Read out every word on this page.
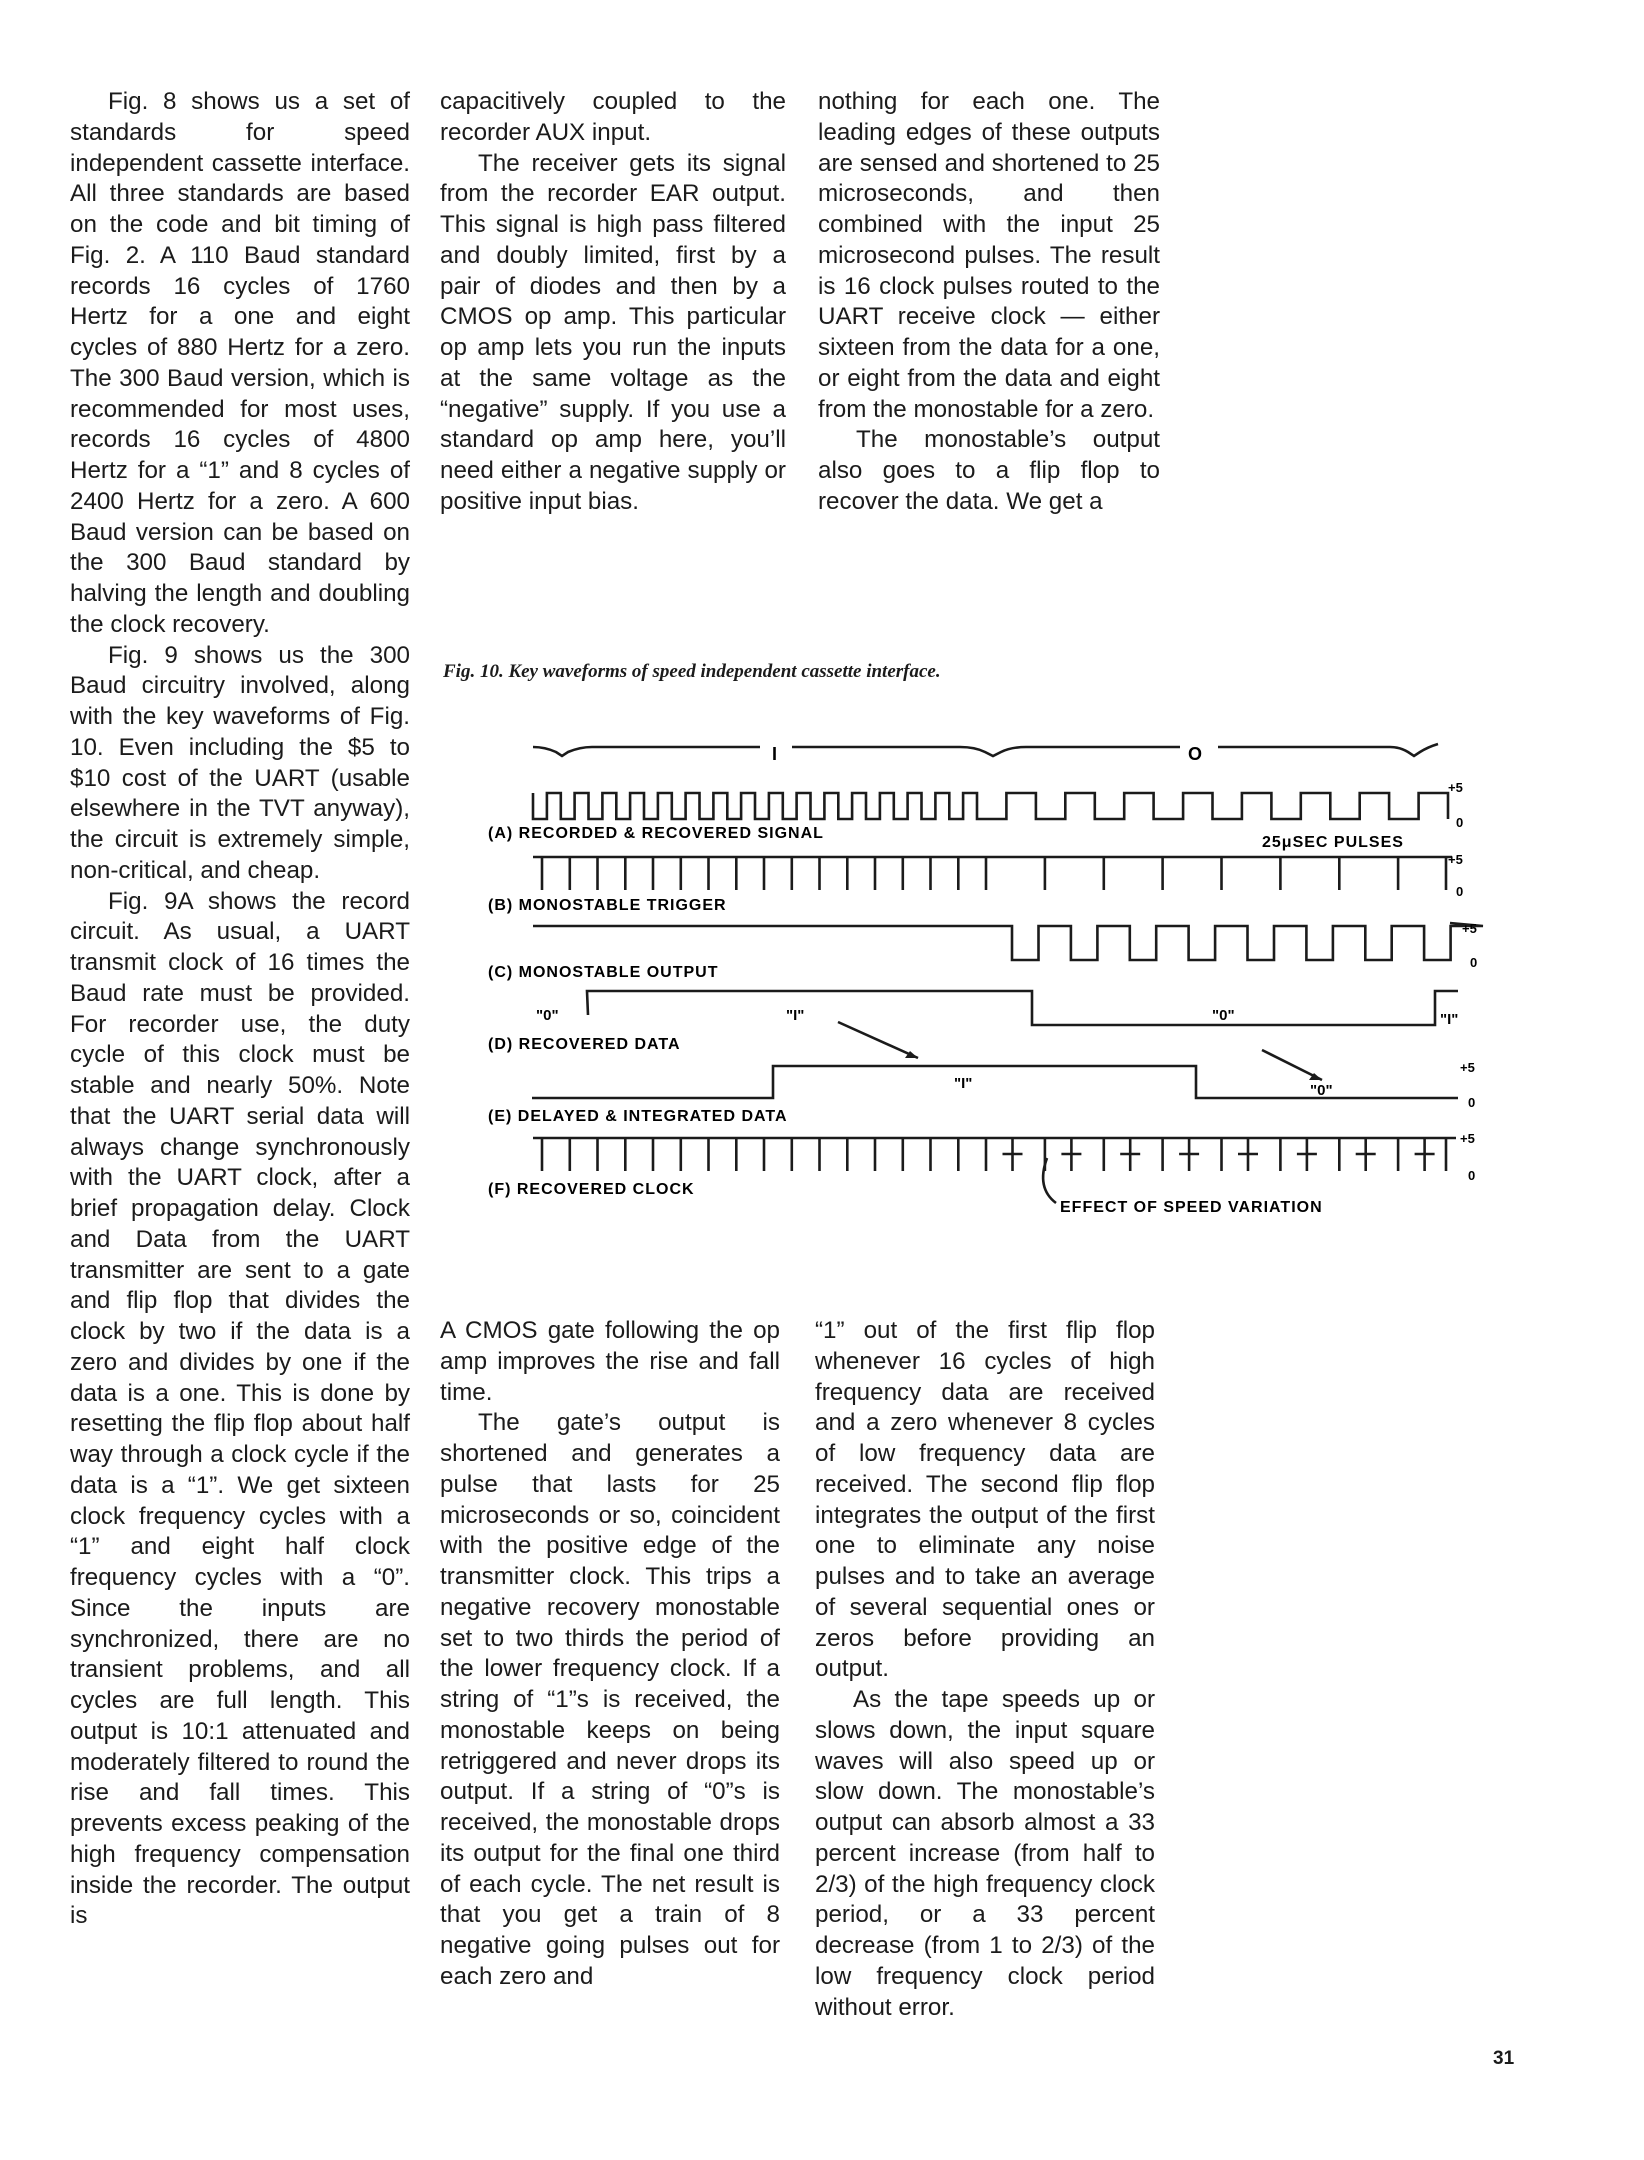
Fig. 8 shows us a set of standards for speed independent cassette interface. All three standards are based on the code and bit timing of Fig. 2. A 110 Baud standard records 16 cycles of 1760 Hertz for a one and eight cycles of 880 Hertz for a zero. The 300 Baud version, which is recommended for most uses, records 16 cycles of 4800 Hertz for a “1” and 8 cycles of 2400 Hertz for a zero. A 600 Baud version can be based on the 300 Baud standard by halving the length and doubling the clock recovery.

Fig. 9 shows us the 300 Baud circuitry involved, along with the key waveforms of Fig. 10. Even including the $5 to $10 cost of the UART (usable elsewhere in the TVT anyway), the circuit is extremely simple, non-critical, and cheap.

Fig. 9A shows the record circuit. As usual, a UART transmit clock of 16 times the Baud rate must be provided. For recorder use, the duty cycle of this clock must be stable and nearly 50%. Note that the UART serial data will always change synchronously with the UART clock, after a brief propagation delay. Clock and Data from the UART transmitter are sent to a gate and flip flop that divides the clock by two if the data is a zero and divides by one if the data is a one. This is done by resetting the flip flop about half way through a clock cycle if the data is a “1”. We get sixteen clock frequency cycles with a “1” and eight half clock frequency cycles with a “0”. Since the inputs are synchronized, there are no transient problems, and all cycles are full length. This output is 10:1 attenuated and moderately filtered to round the rise and fall times. This prevents excess peaking of the high frequency compensation inside the recorder. The output is

capacitively coupled to the recorder AUX input.

The receiver gets its signal from the recorder EAR output. This signal is high pass filtered and doubly limited, first by a pair of diodes and then by a CMOS op amp. This particular op amp lets you run the inputs at the same voltage as the “negative” supply. If you use a standard op amp here, you’ll need either a negative supply or positive input bias.

nothing for each one. The leading edges of these outputs are sensed and shortened to 25 microseconds, and then combined with the input 25 microsecond pulses. The result is 16 clock pulses routed to the UART receive clock — either sixteen from the data for a one, or eight from the data and eight from the monostable for a zero.

The monostable’s output also goes to a flip flop to recover the data. We get a

Fig. 10. Key waveforms of speed independent cassette interface.
I	O
(A) RECORDED & RECOVERED SIGNAL
(B) MONOSTABLE TRIGGER
(C) MONOSTABLE OUTPUT
(D) RECOVERED DATA
(E) DELAYED & INTEGRATED DATA
(F) RECOVERED CLOCK
25μSEC PULSES
+5
0
+5
0
+5
0
+5
0
+5
0
"0"	"I"	"0"	"I"
"I"	"0"
EFFECT OF SPEED VARIATION

A CMOS gate following the op amp improves the rise and fall time.

The gate’s output is shortened and generates a pulse that lasts for 25 microseconds or so, coincident with the positive edge of the transmitter clock. This trips a negative recovery monostable set to two thirds the period of the lower frequency clock. If a string of “1”s is received, the monostable keeps on being retriggered and never drops its output. If a string of “0”s is received, the monostable drops its output for the final one third of each cycle. The net result is that you get a train of 8 negative going pulses out for each zero and

“1” out of the first flip flop whenever 16 cycles of high frequency data are received and a zero whenever 8 cycles of low frequency data are received. The second flip flop integrates the output of the first one to eliminate any noise pulses and to take an average of several sequential ones or zeros before providing an output.

As the tape speeds up or slows down, the input square waves will also speed up or slow down. The monostable’s output can absorb almost a 33 percent increase (from half to 2/3) of the high frequency clock period, or a 33 percent decrease (from 1 to 2/3) of the low frequency clock period without error.

31
